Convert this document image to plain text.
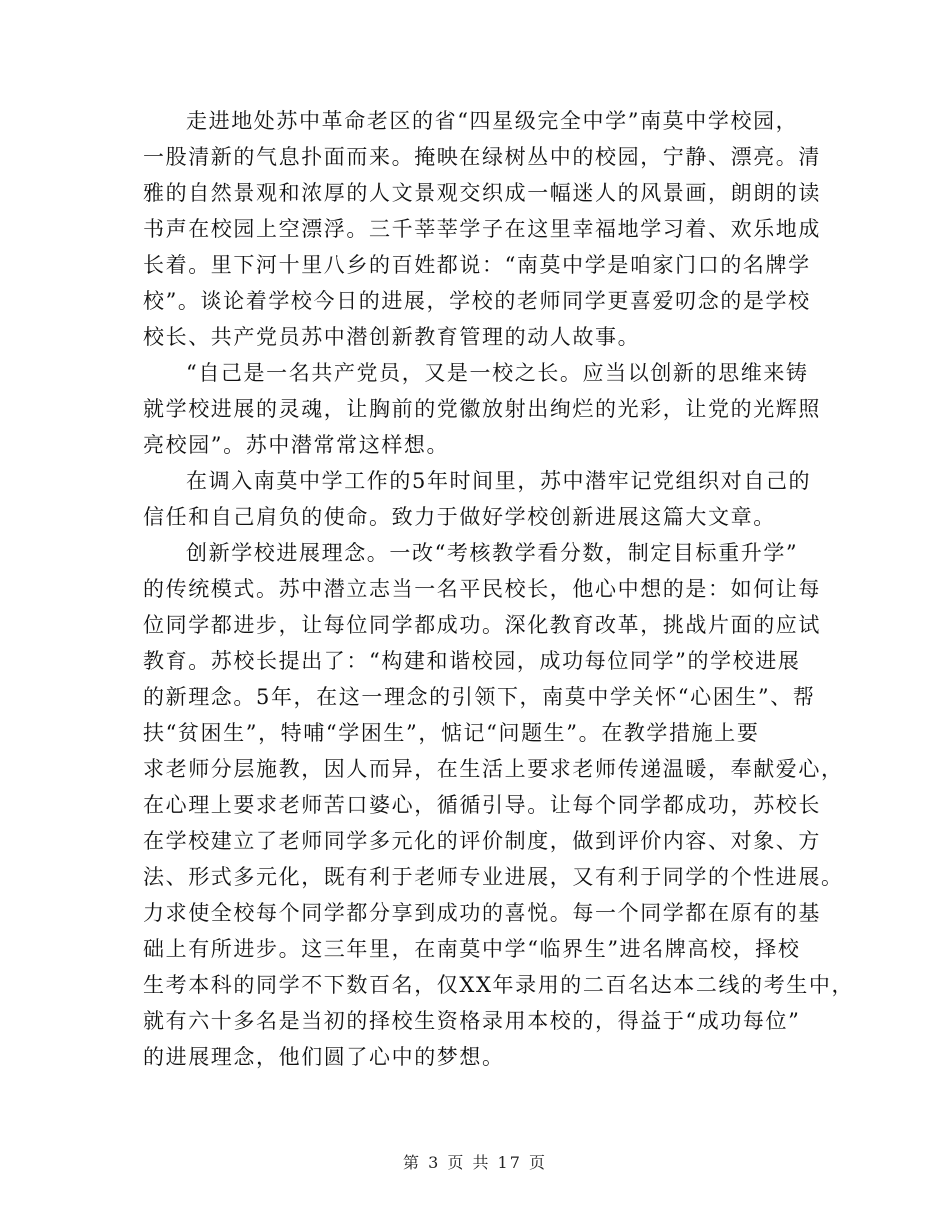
走进地处苏中革命老区的省“四星级完全中学”南莫中学校园，
一股清新的气息扑面而来。掩映在绿树丛中的校园，宁静、漂亮。清
雅的自然景观和浓厚的人文景观交织成一幅迷人的风景画，朗朗的读
书声在校园上空漂浮。三千莘莘学子在这里幸福地学习着、欢乐地成
长着。里下河十里八乡的百姓都说：“南莫中学是咱家门口的名牌学
校”。谈论着学校今日的进展，学校的老师同学更喜爱叨念的是学校
校长、共产党员苏中潜创新教育管理的动人故事。

“自己是一名共产党员，又是一校之长。应当以创新的思维来铸
就学校进展的灵魂，让胸前的党徽放射出绚烂的光彩，让党的光辉照
亮校园”。苏中潜常常这样想。

在调入南莫中学工作的5年时间里，苏中潜牢记党组织对自己的
信任和自己肩负的使命。致力于做好学校创新进展这篇大文章。

创新学校进展理念。一改“考核教学看分数，制定目标重升学”
的传统模式。苏中潜立志当一名平民校长，他心中想的是：如何让每
位同学都进步，让每位同学都成功。深化教育改革，挑战片面的应试
教育。苏校长提出了：“构建和谐校园，成功每位同学”的学校进展
的新理念。5年，在这一理念的引领下，南莫中学关怀“心困生”、帮
扶“贫困生”，特哺“学困生”，惦记“问题生”。在教学措施上要
求老师分层施教，因人而异，在生活上要求老师传递温暖，奉献爱心，
在心理上要求老师苦口婆心，循循引导。让每个同学都成功，苏校长
在学校建立了老师同学多元化的评价制度，做到评价内容、对象、方
法、形式多元化，既有利于老师专业进展，又有利于同学的个性进展。
力求使全校每个同学都分享到成功的喜悦。每一个同学都在原有的基
础上有所进步。这三年里，在南莫中学“临界生”进名牌高校，择校
生考本科的同学不下数百名，仅XX年录用的二百名达本二线的考生中，
就有六十多名是当初的择校生资格录用本校的，得益于“成功每位”
的进展理念，他们圆了心中的梦想。

第 3 页 共 17 页
